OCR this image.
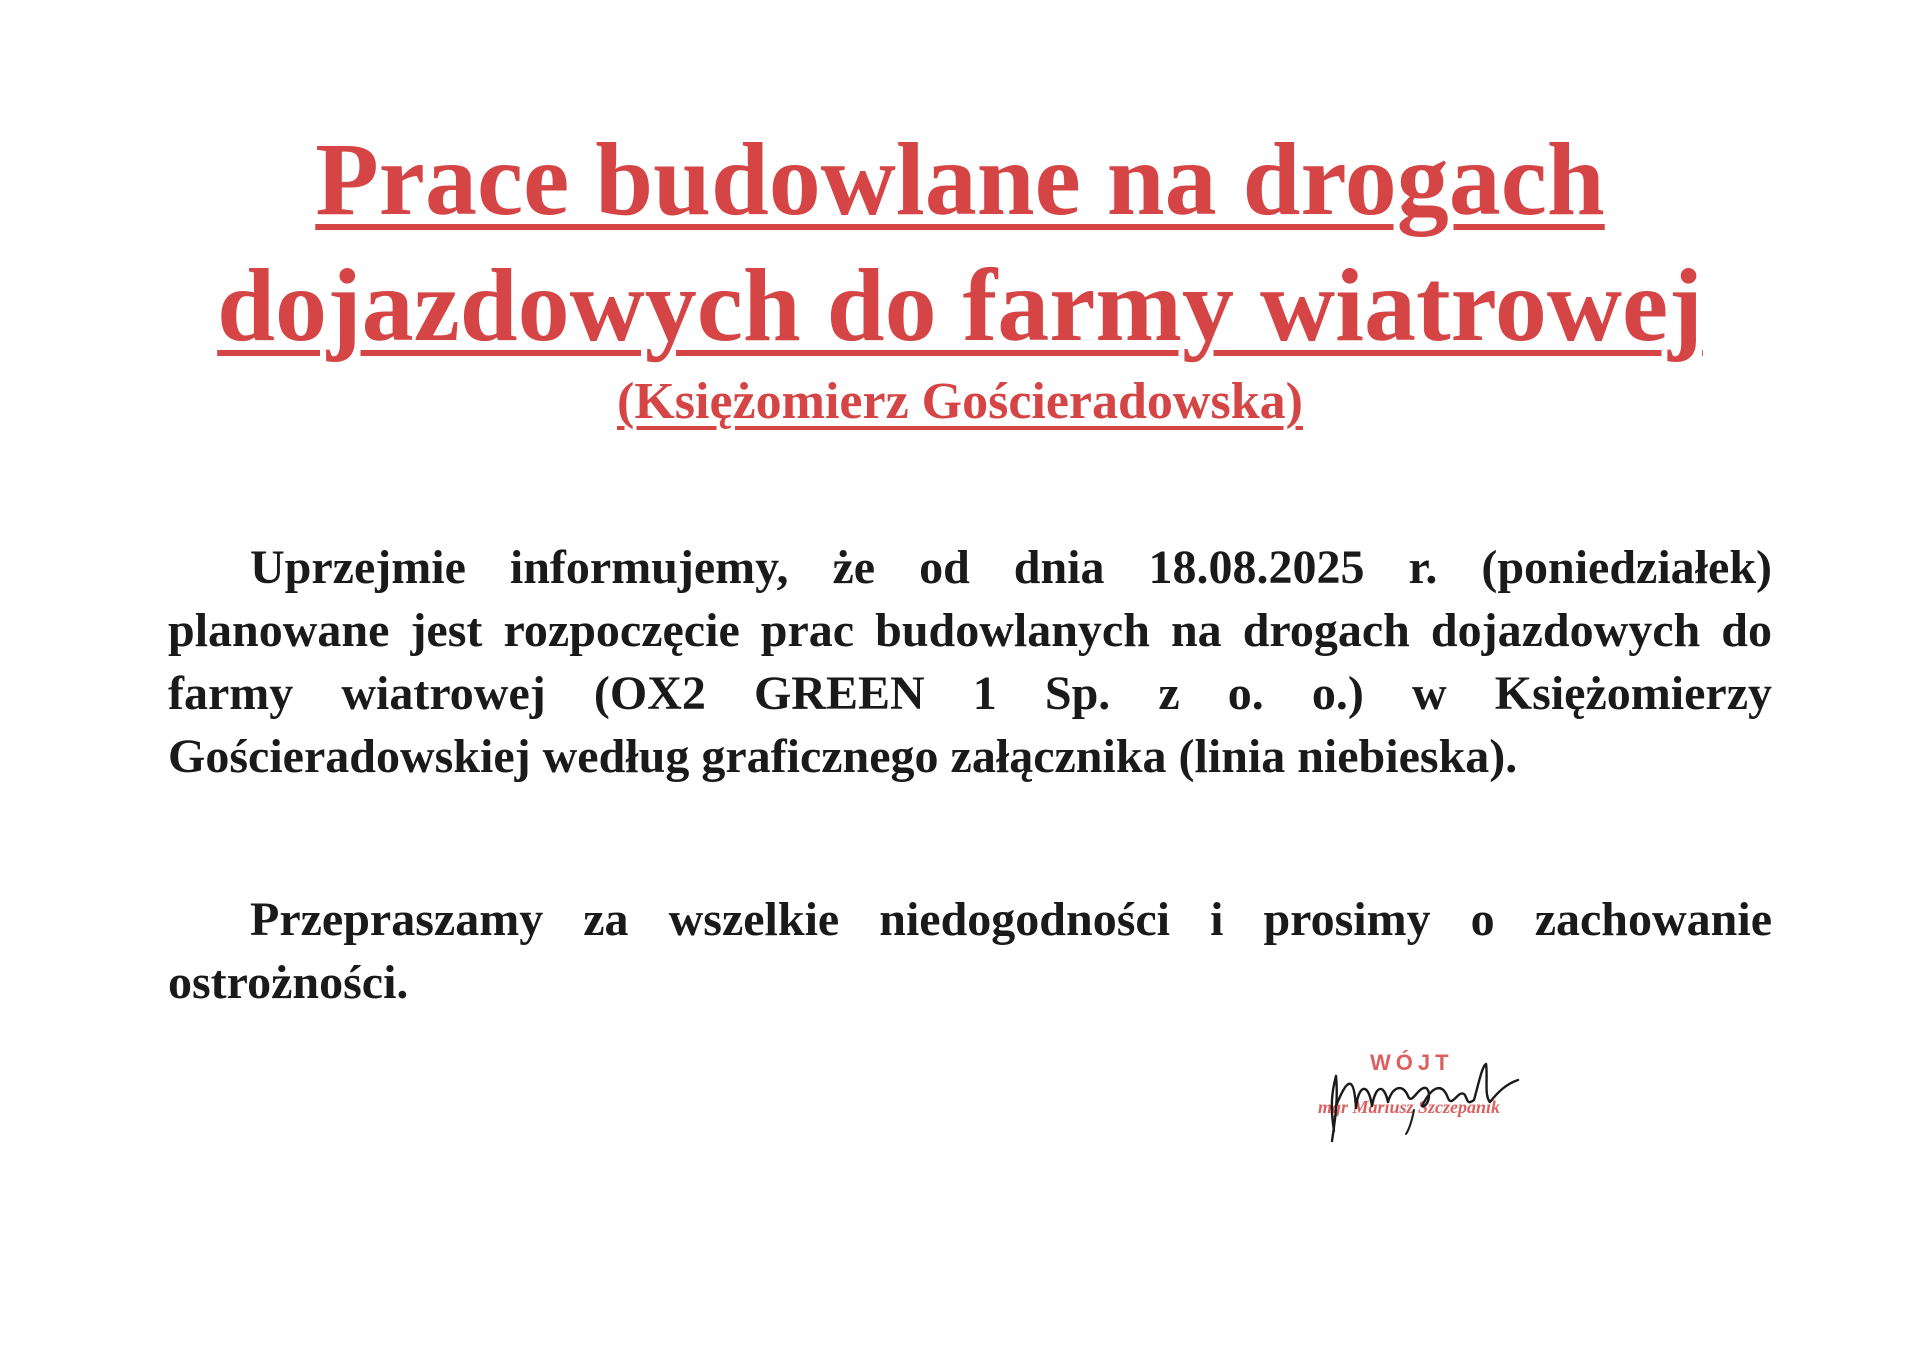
Prace budowlane na drogach
dojazdowych do farmy wiatrowej
(Księżomierz Gościeradowska)

Uprzejmie informujemy, że od dnia 18.08.2025 r. (poniedziałek) planowane jest rozpoczęcie prac budowlanych na drogach dojazdowych do farmy wiatrowej (OX2 GREEN 1 Sp. z o. o.) w Księżomierzy Gościeradowskiej według graficznego załącznika (linia niebieska).

Przepraszamy za wszelkie niedogodności i prosimy o zachowanie ostrożności.

WÓJT
mgr Mariusz Szczepanik
